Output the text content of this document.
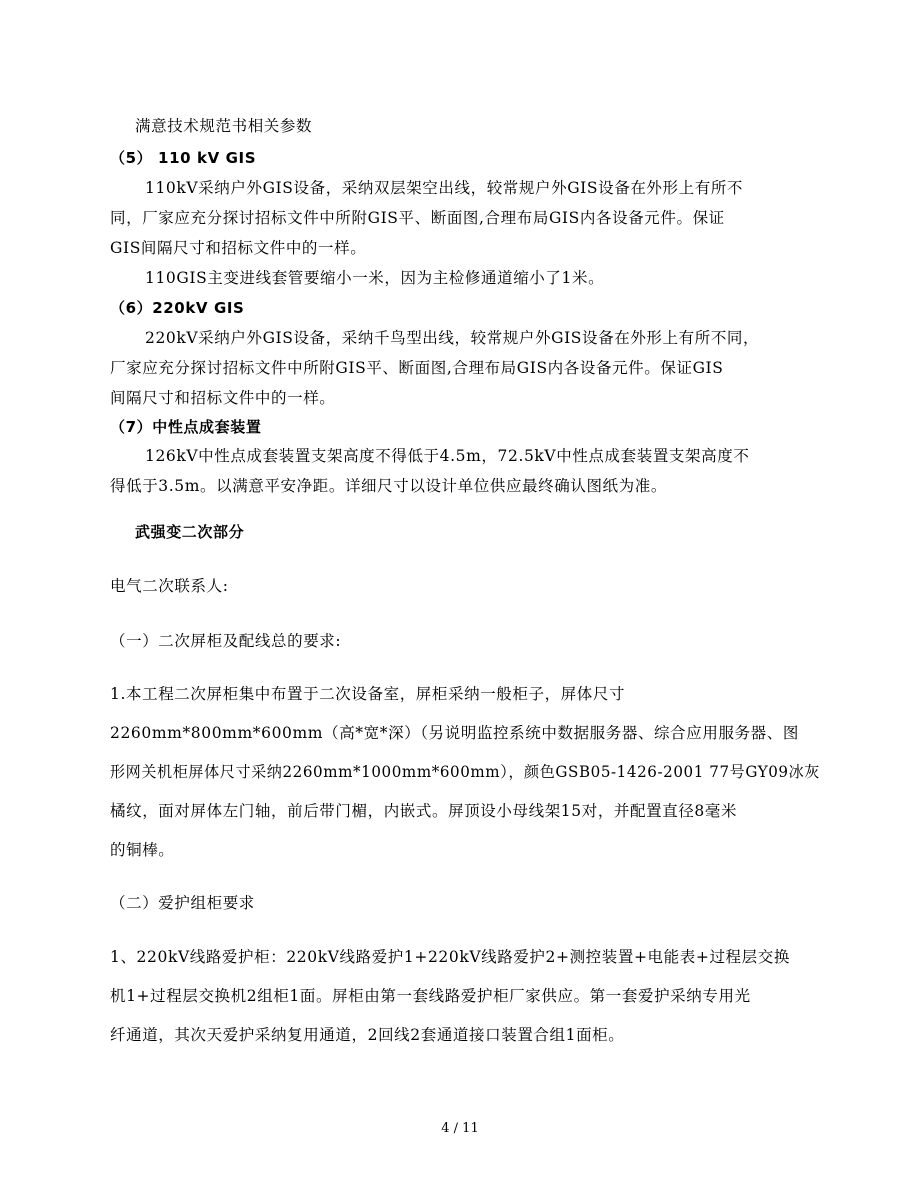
满意技术规范书相关参数
（5） 110 kV GIS
110kV采纳户外GIS设备，采纳双层架空出线，较常规户外GIS设备在外形上有所不
同，厂家应充分探讨招标文件中所附GIS平、断面图,合理布局GIS内各设备元件。保证
GIS间隔尺寸和招标文件中的一样。
110GIS主变进线套管要缩小一米，因为主检修通道缩小了1米。
（6）220kV GIS
220kV采纳户外GIS设备，采纳千鸟型出线，较常规户外GIS设备在外形上有所不同，
厂家应充分探讨招标文件中所附GIS平、断面图,合理布局GIS内各设备元件。保证GIS
间隔尺寸和招标文件中的一样。
（7）中性点成套装置
126kV中性点成套装置支架高度不得低于4.5m，72.5kV中性点成套装置支架高度不
得低于3.5m。以满意平安净距。详细尺寸以设计单位供应最终确认图纸为准。
武强变二次部分
电气二次联系人:
（一）二次屏柜及配线总的要求:
1.本工程二次屏柜集中布置于二次设备室，屏柜采纳一般柜子，屏体尺寸
2260mm*800mm*600mm（高*宽*深）（另说明监控系统中数据服务器、综合应用服务器、图
形网关机柜屏体尺寸采纳2260mm*1000mm*600mm），颜色GSB05-1426-2001 77号GY09冰灰
橘纹，面对屏体左门轴，前后带门楣，内嵌式。屏顶设小母线架15对，并配置直径8毫米
的铜棒。
（二）爱护组柜要求
1、220kV线路爱护柜：220kV线路爱护1+220kV线路爱护2+测控装置+电能表+过程层交换
机1+过程层交换机2组柜1面。屏柜由第一套线路爱护柜厂家供应。第一套爱护采纳专用光
纤通道，其次天爱护采纳复用通道，2回线2套通道接口装置合组1面柜。
4 / 11
